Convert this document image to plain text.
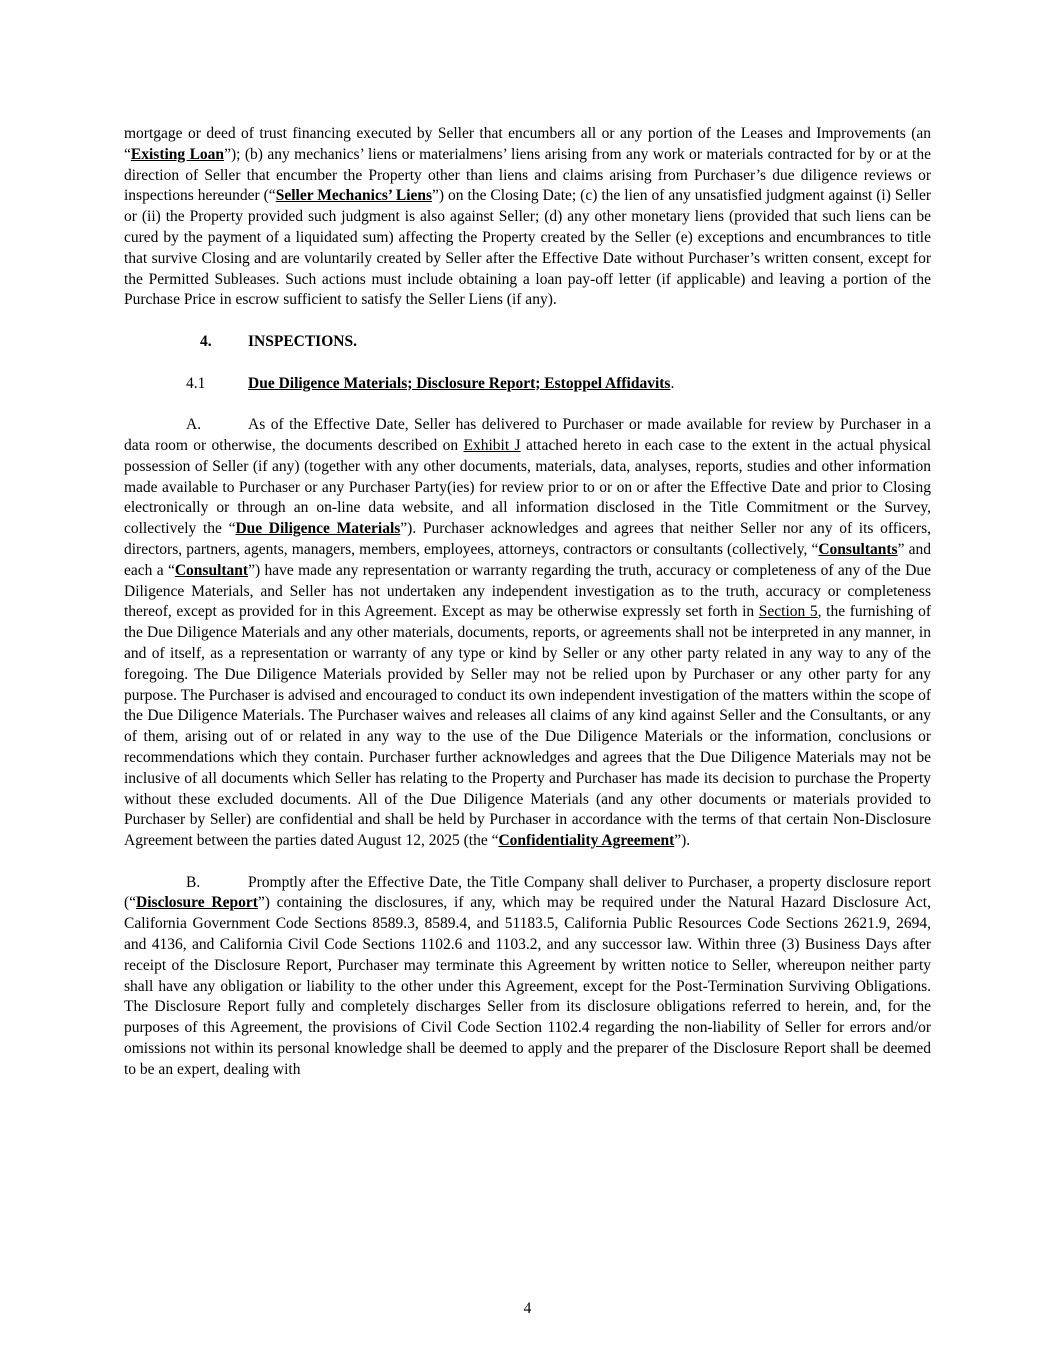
mortgage or deed of trust financing executed by Seller that encumbers all or any portion of the Leases and Improvements (an “Existing Loan”); (b) any mechanics’ liens or materialmens’ liens arising from any work or materials contracted for by or at the direction of Seller that encumber the Property other than liens and claims arising from Purchaser’s due diligence reviews or inspections hereunder (“Seller Mechanics’ Liens”) on the Closing Date; (c) the lien of any unsatisfied judgment against (i) Seller or (ii) the Property provided such judgment is also against Seller; (d) any other monetary liens (provided that such liens can be cured by the payment of a liquidated sum) affecting the Property created by the Seller (e) exceptions and encumbrances to title that survive Closing and are voluntarily created by Seller after the Effective Date without Purchaser’s written consent, except for the Permitted Subleases. Such actions must include obtaining a loan pay-off letter (if applicable) and leaving a portion of the Purchase Price in escrow sufficient to satisfy the Seller Liens (if any).

4. INSPECTIONS.
4.1	Due Diligence Materials; Disclosure Report; Estoppel Affidavits.

A.	As of the Effective Date, Seller has delivered to Purchaser or made available for review by Purchaser in a data room or otherwise, the documents described on Exhibit J attached hereto in each case to the extent in the actual physical possession of Seller (if any) (together with any other documents, materials, data, analyses, reports, studies and other information made available to Purchaser or any Purchaser Party(ies) for review prior to or on or after the Effective Date and prior to Closing electronically or through an on-line data website, and all information disclosed in the Title Commitment or the Survey, collectively the “Due Diligence Materials”). Purchaser acknowledges and agrees that neither Seller nor any of its officers, directors, partners, agents, managers, members, employees, attorneys, contractors or consultants (collectively, “Consultants” and each a “Consultant”) have made any representation or warranty regarding the truth, accuracy or completeness of any of the Due Diligence Materials, and Seller has not undertaken any independent investigation as to the truth, accuracy or completeness thereof, except as provided for in this Agreement. Except as may be otherwise expressly set forth in Section 5, the furnishing of the Due Diligence Materials and any other materials, documents, reports, or agreements shall not be interpreted in any manner, in and of itself, as a representation or warranty of any type or kind by Seller or any other party related in any way to any of the foregoing. The Due Diligence Materials provided by Seller may not be relied upon by Purchaser or any other party for any purpose. The Purchaser is advised and encouraged to conduct its own independent investigation of the matters within the scope of the Due Diligence Materials. The Purchaser waives and releases all claims of any kind against Seller and the Consultants, or any of them, arising out of or related in any way to the use of the Due Diligence Materials or the information, conclusions or recommendations which they contain. Purchaser further acknowledges and agrees that the Due Diligence Materials may not be inclusive of all documents which Seller has relating to the Property and Purchaser has made its decision to purchase the Property without these excluded documents. All of the Due Diligence Materials (and any other documents or materials provided to Purchaser by Seller) are confidential and shall be held by Purchaser in accordance with the terms of that certain Non-Disclosure Agreement between the parties dated August 12, 2025 (the “Confidentiality Agreement”).

B.	Promptly after the Effective Date, the Title Company shall deliver to Purchaser, a property disclosure report (“Disclosure Report”) containing the disclosures, if any, which may be required under the Natural Hazard Disclosure Act, California Government Code Sections 8589.3, 8589.4, and 51183.5, California Public Resources Code Sections 2621.9, 2694, and 4136, and California Civil Code Sections 1102.6 and 1103.2, and any successor law. Within three (3) Business Days after receipt of the Disclosure Report, Purchaser may terminate this Agreement by written notice to Seller, whereupon neither party shall have any obligation or liability to the other under this Agreement, except for the Post-Termination Surviving Obligations. The Disclosure Report fully and completely discharges Seller from its disclosure obligations referred to herein, and, for the purposes of this Agreement, the provisions of Civil Code Section 1102.4 regarding the non-liability of Seller for errors and/or omissions not within its personal knowledge shall be deemed to apply and the preparer of the Disclosure Report shall be deemed to be an expert, dealing with

4
